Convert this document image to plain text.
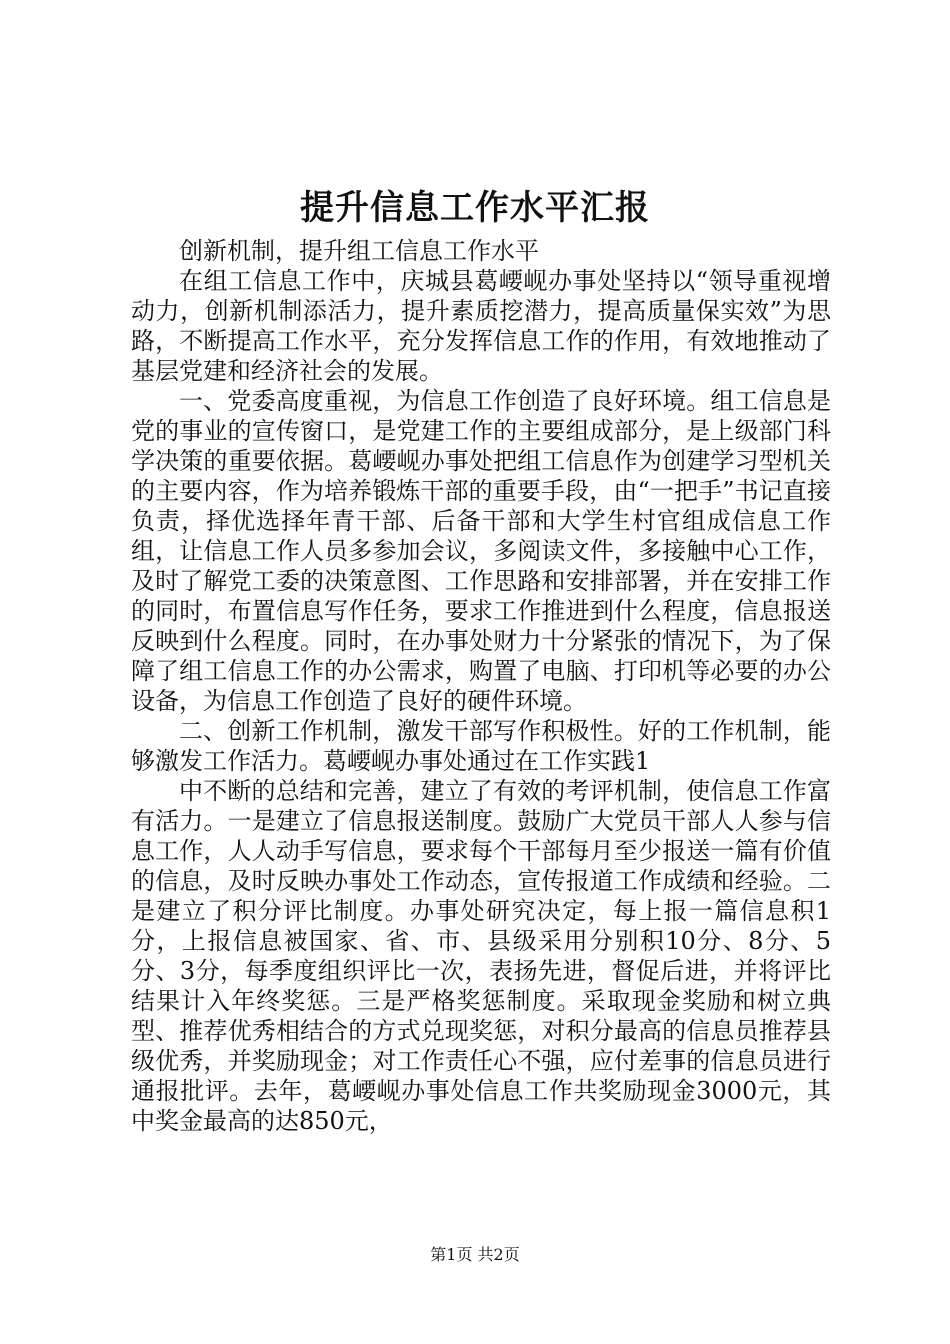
提升信息工作水平汇报

创新机制，提升组工信息工作水平

在组工信息工作中，庆城县葛崾岘办事处坚持以“领导重视增动力，创新机制添活力，提升素质挖潜力，提高质量保实效”为思路，不断提高工作水平，充分发挥信息工作的作用，有效地推动了基层党建和经济社会的发展。

一、党委高度重视，为信息工作创造了良好环境。组工信息是党的事业的宣传窗口，是党建工作的主要组成部分，是上级部门科学决策的重要依据。葛崾岘办事处把组工信息作为创建学习型机关的主要内容，作为培养锻炼干部的重要手段，由“一把手”书记直接负责，择优选择年青干部、后备干部和大学生村官组成信息工作组，让信息工作人员多参加会议，多阅读文件，多接触中心工作，及时了解党工委的决策意图、工作思路和安排部署，并在安排工作的同时，布置信息写作任务，要求工作推进到什么程度，信息报送反映到什么程度。同时，在办事处财力十分紧张的情况下，为了保障了组工信息工作的办公需求，购置了电脑、打印机等必要的办公设备，为信息工作创造了良好的硬件环境。

二、创新工作机制，激发干部写作积极性。好的工作机制，能够激发工作活力。葛崾岘办事处通过在工作实践1

中不断的总结和完善，建立了有效的考评机制，使信息工作富有活力。一是建立了信息报送制度。鼓励广大党员干部人人参与信息工作，人人动手写信息，要求每个干部每月至少报送一篇有价值的信息，及时反映办事处工作动态，宣传报道工作成绩和经验。二是建立了积分评比制度。办事处研究决定，每上报一篇信息积1分，上报信息被国家、省、市、县级采用分别积10分、8分、5分、3分，每季度组织评比一次，表扬先进，督促后进，并将评比结果计入年终奖惩。三是严格奖惩制度。采取现金奖励和树立典型、推荐优秀相结合的方式兑现奖惩，对积分最高的信息员推荐县级优秀，并奖励现金；对工作责任心不强，应付差事的信息员进行通报批评。去年，葛崾岘办事处信息工作共奖励现金3000元，其中奖金最高的达850元，

第1页 共2页
